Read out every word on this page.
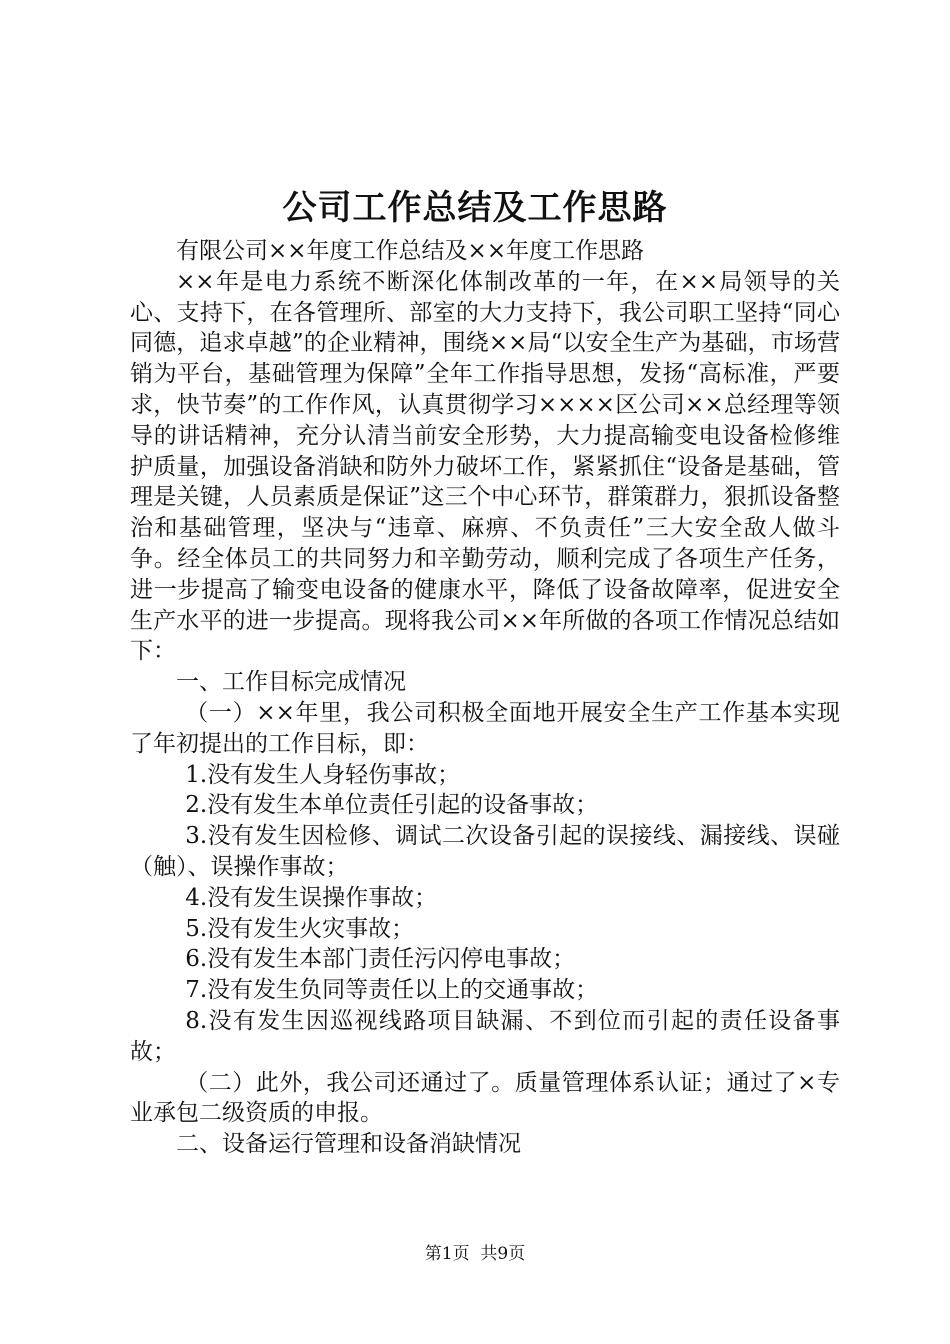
公司工作总结及工作思路

有限公司××年度工作总结及××年度工作思路

××年是电力系统不断深化体制改革的一年，在××局领导的关心、支持下，在各管理所、部室的大力支持下，我公司职工坚持“同心同德，追求卓越”的企业精神，围绕××局“以安全生产为基础，市场营销为平台，基础管理为保障”全年工作指导思想，发扬“高标准，严要求，快节奏”的工作作风，认真贯彻学习××××区公司××总经理等领导的讲话精神，充分认清当前安全形势，大力提高输变电设备检修维护质量，加强设备消缺和防外力破坏工作，紧紧抓住“设备是基础，管理是关键，人员素质是保证”这三个中心环节，群策群力，狠抓设备整治和基础管理，坚决与“违章、麻痹、不负责任”三大安全敌人做斗争。经全体员工的共同努力和辛勤劳动，顺利完成了各项生产任务，进一步提高了输变电设备的健康水平，降低了设备故障率，促进安全生产水平的进一步提高。现将我公司××年所做的各项工作情况总结如下：

一、工作目标完成情况

（一）××年里，我公司积极全面地开展安全生产工作基本实现了年初提出的工作目标，即：

1.没有发生人身轻伤事故；

2.没有发生本单位责任引起的设备事故；

3.没有发生因检修、调试二次设备引起的误接线、漏接线、误碰（触）、误操作事故；

4.没有发生误操作事故；

5.没有发生火灾事故；

6.没有发生本部门责任污闪停电事故；

7.没有发生负同等责任以上的交通事故；

8.没有发生因巡视线路项目缺漏、不到位而引起的责任设备事故；

（二）此外，我公司还通过了。质量管理体系认证；通过了×专业承包二级资质的申报。

二、设备运行管理和设备消缺情况

第1页 共9页
